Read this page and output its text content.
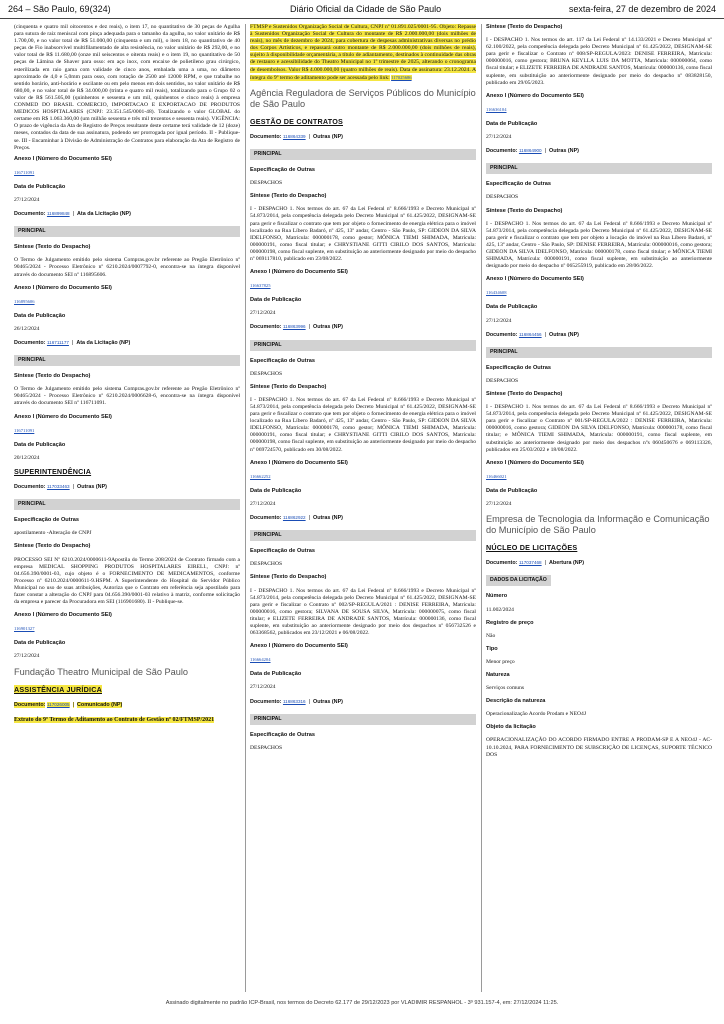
264 – São Paulo, 69(324)	Diário Oficial da Cidade de São Paulo	sexta-feira, 27 de dezembro de 2024

(cinquenta e quatro mil oitocentos e dez reais), o item 17, no quantitativo de 30 peças de Agulha para sutura de raiz meniscal com pinça adequada para o tamanho da agulha, no valor unitário de R$ 1.700,00, e no valor total de R$ 51.000,00 (cinquenta e um mil), o item 18, no quantitativo de 40 peças de Fio inabsorvível multifilamentado de alta resistência, no valor unitário de R$ 292,00, e no valor total de R$ 11.680,00 (onze mil seiscentos e oitenta reais) e o item 19, no quantitativo de 50 peças de Lâmina de Shaver para osso: em aço inox, com encaixe de polietileno grau cirúrgico, esterilizada em raio gama com validade de cinco anos, embalada uma a uma, no diâmetro aproximado de 4,0 e 5,0mm para osso, com rotação de 2500 até 12000 RPM, e que trabalhe no sentido horário, anti-horário e oscilante ou em pelo menos em dois sentidos, no valor unitário de R$ 680,00, e no valor total de R$ 34.000,00 (trinta e quatro mil reais), totalizando para o Grupo 02 o valor de R$ 561.505,00 (quinhentos e sessenta e um mil, quinhentos e cinco reais) à empresa CONMED DO BRASIL COMERCIO, IMPORTACAO E EXPORTACAO DE PRODUTOS MEDICOS HOSPITALARES (CNPJ: 23.351.545/0001-48). Totalizando o valor GLOBAL do certame em R$ 1.063.360,00 (um milhão sessenta e três mil trezentos e sessenta reais). VIGÊNCIA: O prazo de vigência da Ata de Registro de Preços resultante deste certame terá validade de 12 (doze) meses, contados da data de sua assinatura, podendo ser prorrogada por igual período. II - Publique-se. III - Encaminhar à Divisão de Administração de Contratos para elaboração da Ata de Registro de Preços.

Anexo I (Número do Documento SEI)
116711091
Data de Publicação
27/12/2024
Documento: 116899848 | Ata da Licitação (NP)
PRINCIPAL
Síntese (Texto do Despacho)

O Termo de Julgamento emitido pelo sistema Compras.gov.br referente ao Pregão Eletrônico nº 90465/2024 - Processo Eletrônico nº 6210.2024/0007792-0, encontra-se na íntegra disponível através do documento SEI nº 116895606.

Anexo I (Número do Documento SEI)
116895606
Data de Publicação
26/12/2024
Documento: 116711177 | Ata da Licitação (NP)
PRINCIPAL
Síntese (Texto do Despacho)

O Termo de Julgamento emitido pelo sistema Compras.gov.br referente ao Pregão Eletrônico nº 90465/2024 - Processo Eletrônico nº 6210.2024/0006628-6, encontra-se na íntegra disponível através do documento SEI nº 116711091.

Anexo I (Número do Documento SEI)
116711091
Data de Publicação
20/12/2024
SUPERINTENDÊNCIA
Documento: 117033463 | Outras (NP)
PRINCIPAL
Especificação de Outras
apostilamento -Alteração de CNPJ
Síntese (Texto do Despacho)

PROCESSO SEI Nº 6210.2024/0000611-9Apostila do Termo 208/2024 de Contrato firmado com a empresa MEDICAL SHOPPING PRODUTOS HOSPITALARES EIRELI., CNPJ: nº 04.656.390/0001-03, cujo objeto é o FORNECIMENTO DE MEDICAMENTOS, conforme Processo nº 6210.2024/0000611-9.HSPM. A Superintendente do Hospital do Servidor Público Municipal no uso de suas atribuições, Autoriza que o Contrato em referência seja apostilado para fazer constar a alteração do CNPJ para 04.656.390/0001-03 relativo à matriz, conforme solicitação da empresa e parecer da Procuradora em SEI (116901680). II - Publique-se.

Anexo I (Número do Documento SEI)
116901327
Data de Publicação
27/12/2024
Fundação Theatro Municipal de São Paulo
ASSISTÊNCIA JURÍDICA
Documento: 117026005 | Comunicado (NP)

Extrato do 9º Termo de Aditamento ao Contrato de Gestão nº 02/FTMSP/2021

FTMSP e Sustenidos Organização Social de Cultura, CNPJ nº 01.891.025/0001-95. Objeto: Repasse à Sustenidos Organização Social de Cultura do montante de R$ 2.000.000,00 (dois milhões de reais), no mês de dezembro de 2024, para cobertura de despesas administrativas diversas no prédio dos Corpos Artísticos, e repassará outro montante de R$ 2.000.000,00 (dois milhões de reais), sujeito à disponibilidade orçamentária, a título de adiantamento, destinados à continuidade das obras de restauro e acessibilidade do Theatro Municipal no 1º trimestre de 2025, alterando o cronograma de desembolsos. Valor R$ 4.000.000,00 (quatro milhões de reais). Data de assinatura: 23.12.2024. A íntegra do 9º termo de aditamento pode ser acessada pelo link: 117025686

Agência Reguladora de Serviços Públicos do Município de São Paulo
GESTÃO DE CONTRATOS
Documento: 116864339 | Outras (NP)
PRINCIPAL
Especificação de Outras
DESPACHOS
Síntese (Texto do Despacho)

I - DESPACHO 1. Nos termos do art. 67 da Lei Federal nº 8.666/1993 e Decreto Municipal nº 54.873/2014, pela competência delegada pelo Decreto Municipal nº 61.425/2022, DESIGNAM-SE para gerir e fiscalizar o contrato que tem por objeto o fornecimento de energia elétrica para o imóvel localizado na Rua Líbero Badaró, nº 425, 13º andar, Centro - São Paulo, SP: GIDEON DA SILVA IDELFONSO, Matrícula: 000000178, como gestor; MÔNICA TIEMI SHIMADA, Matrícula: 000000191, como fiscal titular; e CHRYSTIANE GITTI CIRILO DOS SANTOS, Matrícula: 000000198, como fiscal suplente, em substituição ao anteriormente designado por meio do despacho nº 069117810, publicado em 23/08/2022.

Anexo I (Número do Documento SEI)
116637825
Data de Publicação
27/12/2024
Documento: 116863996 | Outras (NP)
PRINCIPAL
Especificação de Outras
DESPACHOS
Síntese (Texto do Despacho)

I - DESPACHO 1. Nos termos do art. 67 da Lei Federal nº 8.666/1993 e Decreto Municipal nº 54.873/2014, pela competência delegada pelo Decreto Municipal nº 61.425/2022, DESIGNAM-SE para gerir e fiscalizar o contrato que tem por objeto o fornecimento de energia elétrica para o imóvel localizado na Rua Líbero Badaró, nº 425, 13º andar, Centro - São Paulo, SP: GIDEON DA SILVA IDELFONSO, Matrícula: 000000178, como gestor; MÔNICA TIEMI SHIMADA, Matrícula: 000000191, como fiscal titular; e CHRYSTIANE GITTI CIRILO DOS SANTOS, Matrícula: 000000198, como fiscal suplente, em substituição ao anteriormente designado por meio do despacho nº 069724570, publicado em 30/08/2022.

Anexo I (Número do Documento SEI)
116662252
Data de Publicação
27/12/2024
Documento: 116862922 | Outras (NP)
PRINCIPAL
Especificação de Outras
DESPACHOS
Síntese (Texto do Despacho)

I - DESPACHO 1. Nos termos do art. 67 da Lei Federal nº 8.666/1993 e Decreto Municipal nº 54.873/2014, pela competência delegada pelo Decreto Municipal nº 61.425/2022, DESIGNAM-SE para gerir e fiscalizar o Contrato nº 002/SP-REGULA/2021 : DENISE FERREIRA, Matrícula: 000000016, como gestora; SILVANA DE SOUSA SILVA, Matrícula: 000000075, como fiscal titular; e ELIZETE FERREIRA DE ANDRADE SANTOS, Matrícula: 000000136, como fiscal suplente, em substituição ao anteriormente designado por meio dos despachos nº 056732526 e 063368562, publicados em 23/12/2021 e 06/08/2022.

Anexo I (Número do Documento SEI)
116664204
Data de Publicação
27/12/2024
Documento: 116863316 | Outras (NP)
PRINCIPAL
Especificação de Outras
DESPACHOS
Síntese (Texto do Despacho)

I - DESPACHO 1. Nos termos do art. 117 da Lei Federal nº 14.133/2021 e Decreto Municipal nº 62.100/2022, pela competência delegada pelo Decreto Municipal nº 61.425/2022, DESIGNAM-SE para gerir e fiscalizar o Contrato nº 008/SP-REGULA/2023: DENISE FERREIRA, Matrícula: 000000016, como gestora; BRUNA KEYLLA LUIS DA MOTTA, Matrícula: 000000064, como fiscal titular; e ELIZETE FERREIRA DE ANDRADE SANTOS, Matrícula: 000000136, como fiscal suplente, em substituição ao anteriormente designado por meio do despacho nº 083828150, publicado em 29/05/2023.

Anexo I (Número do Documento SEI)
116636104
Data de Publicação
27/12/2024
Documento: 116864900 | Outras (NP)
PRINCIPAL
Especificação de Outras
DESPACHOS
Síntese (Texto do Despacho)

I - DESPACHO 1. Nos termos do art. 67 da Lei Federal nº 8.666/1993 e Decreto Municipal nº 54.873/2014, pela competência delegada pelo Decreto Municipal nº 61.425/2022, DESIGNAM-SE para gerir e fiscalizar o contrato que tem por objeto a locação do imóvel na Rua Líbero Badaró, nº 425, 13º andar, Centro - São Paulo, SP: DENISE FERREIRA, Matrícula: 000000016, como gestora; GIDEON DA SILVA IDELFONSO, Matrícula: 000000178, como fiscal titular; e MÔNICA TIEMI SHIMADA, Matrícula: 000000191, como fiscal suplente, em substituição ao anteriormente designado por meio do despacho nº 065255919, publicado em 28/06/2022.

Anexo I (Número do Documento SEI)
116434608
Data de Publicação
27/12/2024
Documento: 116864456 | Outras (NP)
PRINCIPAL
Especificação de Outras
DESPACHOS
Síntese (Texto do Despacho)

I - DESPACHO 1. Nos termos do art. 67 da Lei Federal nº 8.666/1993 e Decreto Municipal nº 54.873/2014, pela competência delegada pelo Decreto Municipal nº 61.425/2022, DESIGNAM-SE para gerir e fiscalizar o Contrato nº 001/SP-REGULA/2022 : DENISE FERREIRA, Matrícula: 000000016, como gestora; GIDEON DA SILVA IDELFONSO, Matrícula: 000000178, como fiscal titular; e MÔNICA TIEMI SHIMADA, Matrícula: 000000191, como fiscal suplente, em substituição ao anteriormente designado por meio dos despachos nºs 060450676 e 069113326, publicados em 25/03/2022 e 18/08/2022.

Anexo I (Número do Documento SEI)
116466021
Data de Publicação
27/12/2024
Empresa de Tecnologia da Informação e Comunicação do Município de São Paulo
NÚCLEO DE LICITAÇÕES
Documento: 117037468 | Abertura (NP)
DADOS DA LICITAÇÃO
Número
11.002/2024
Registro de preço
Não
Tipo
Menor preço
Natureza
Serviços comuns
Descrição da natureza
Operacionalização Acordo Prodam e NEO4J
Objeto da licitação

OPERACIONALIZAÇÃO DO ACORDO FIRMADO ENTRE A PRODAM-SP E A NEO4J - AC-10.10.2024, PARA FORNECIMENTO DE SUBSCRIÇÃO DE LICENÇAS, SUPORTE TÉCNICO DOS

Assinado digitalmente no padrão ICP-Brasil, nos termos do Decreto 62.177 de 29/12/2023 por VLADIMIR RESPANHOL - 3º 931.157-4, em: 27/12/2024 11:25.
